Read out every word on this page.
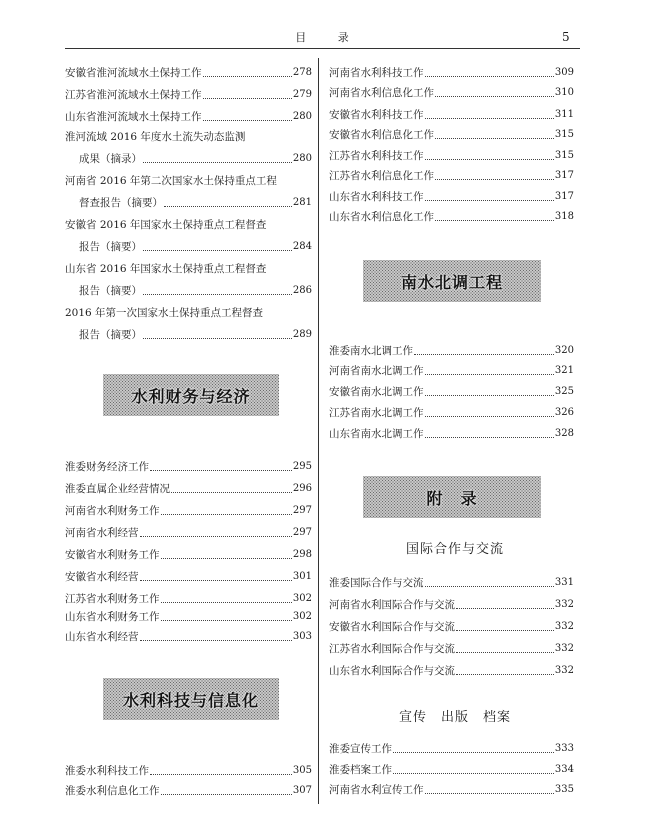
目 录	5
安徽省淮河流域水土保持工作	278
江苏省淮河流域水土保持工作	279
山东省淮河流域水土保持工作	280
淮河流域 2016 年度水土流失动态监测
成果（摘录）	280
河南省 2016 年第二次国家水土保持重点工程
督查报告（摘要）	281
安徽省 2016 年国家水土保持重点工程督查
报告（摘要）	284
山东省 2016 年国家水土保持重点工程督查
报告（摘要）	286
2016 年第一次国家水土保持重点工程督查
报告（摘要）	289
水利财务与经济
淮委财务经济工作	295
淮委直属企业经营情况	296
河南省水利财务工作	297
河南省水利经营	297
安徽省水利财务工作	298
安徽省水利经营	301
江苏省水利财务工作	302
山东省水利财务工作	302
山东省水利经营	303
水利科技与信息化
淮委水利科技工作	305
淮委水利信息化工作	307
河南省水利科技工作	309
河南省水利信息化工作	310
安徽省水利科技工作	311
安徽省水利信息化工作	315
江苏省水利科技工作	315
江苏省水利信息化工作	317
山东省水利科技工作	317
山东省水利信息化工作	318
南水北调工程
淮委南水北调工作	320
河南省南水北调工作	321
安徽省南水北调工作	325
江苏省南水北调工作	326
山东省南水北调工作	328
附　录
国际合作与交流
淮委国际合作与交流	331
河南省水利国际合作与交流	332
安徽省水利国际合作与交流	332
江苏省水利国际合作与交流	332
山东省水利国际合作与交流	332
宣传　出版　档案
淮委宣传工作	333
淮委档案工作	334
河南省水利宣传工作	335
